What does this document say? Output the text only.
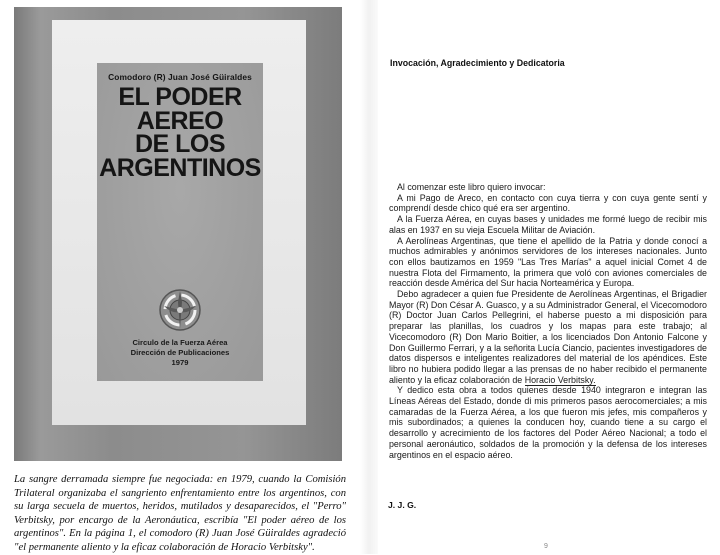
Comodoro (R) Juan José Güiraldes
EL PODER
AEREO
DE LOS
ARGENTINOS
Circulo de la Fuerza Aérea
Dirección de Publicaciones
1979
La sangre derramada siempre fue negociada: en 1979, cuando la Comisión Trilateral organizaba el sangriento enfrentamiento entre los argentinos, con su larga secuela de muertos, heridos, mutilados y desaparecidos, el "Perro" Verbitsky, por encargo de la Aeronáutica, escribía "El poder aéreo de los argentinos". En la página 1, el comodoro (R) Juan José Güiraldes agradeció "el permanente aliento y la eficaz colaboración de Horacio Verbitsky".
Invocación, Agradecimiento y Dedicatoria

Al comenzar este libro quiero invocar:

A mi Pago de Areco, en contacto con cuya tierra y con cuya gente sentí y comprendí desde chico qué era ser argentino.

A la Fuerza Aérea, en cuyas bases y unidades me formé luego de recibir mis alas en 1937 en su vieja Escuela Militar de Aviación.

A Aerolíneas Argentinas, que tiene el apellido de la Patria y donde conocí a muchos admirables y anónimos servidores de los intereses nacionales. Junto con ellos bautizamos en 1959 "Las Tres Marías" a aquel inicial Comet 4 de nuestra Flota del Firmamento, la primera que voló con aviones comerciales de reacción desde América del Sur hacia Norteamérica y Europa.

Debo agradecer a quien fue Presidente de Aerolíneas Argentinas, el Brigadier Mayor (R) Don César A. Guasco, y a su Administrador General, el Vicecomodoro (R) Doctor Juan Carlos Pellegrini, el haberse puesto a mi disposición para preparar las planillas, los cuadros y los mapas para este trabajo; al Vicecomodoro (R) Don Mario Boitier, a los licenciados Don Antonio Falcone y Don Guillermo Ferrari, y a la señorita Lucía Ciancio, pacientes investigadores de datos dispersos e inteligentes realizadores del material de los apéndices. Este libro no hubiera podido llegar a las prensas de no haber recibido el permanente aliento y la eficaz colaboración de Horacio Verbitsky.

Y dedico esta obra a todos quienes desde 1940 integraron e integran las Líneas Aéreas del Estado, donde di mis primeros pasos aerocomerciales; a mis camaradas de la Fuerza Aérea, a los que fueron mis jefes, mis compañeros y mis subordinados; a quienes la conducen hoy, cuando tiene a su cargo el desarrollo y acrecimiento de los factores del Poder Aéreo Nacional; a todo el personal aeronáutico, soldados de la promoción y la defensa de los intereses argentinos en el espacio aéreo.

J. J. G.
9
